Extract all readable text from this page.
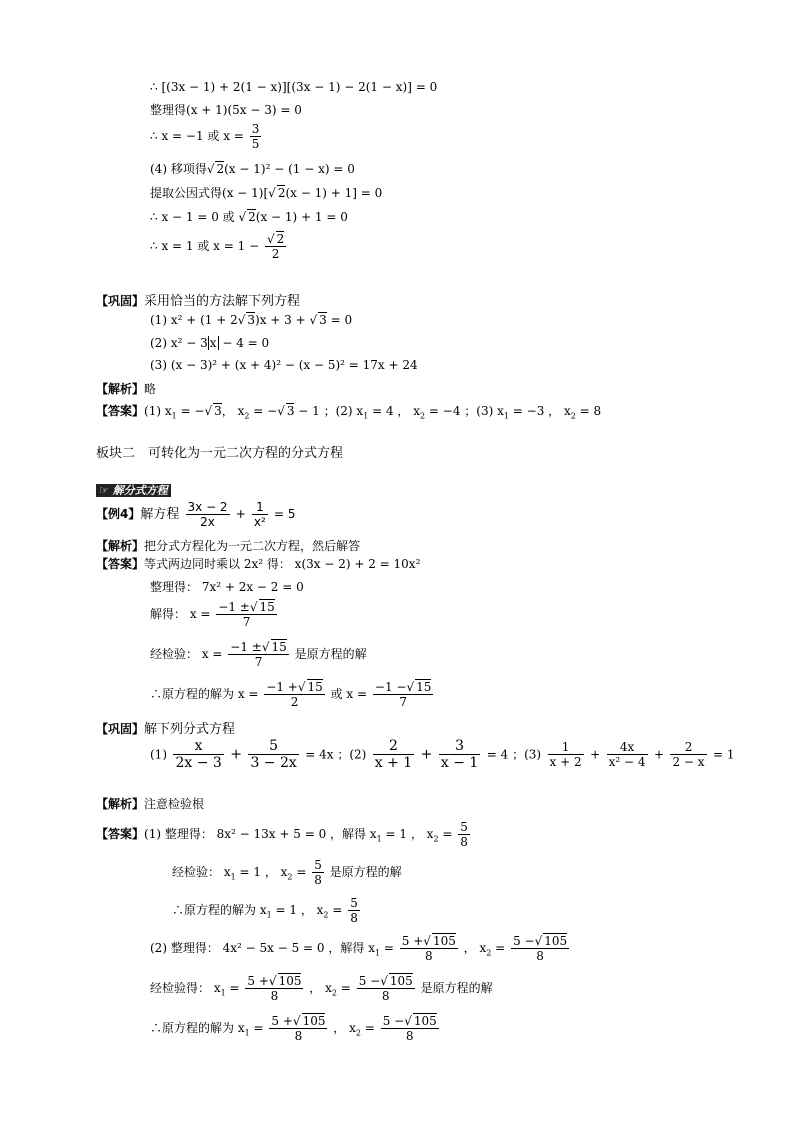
∴ [(3x − 1) + 2(1 − x)][(3x − 1) − 2(1 − x)] = 0
整理得(x + 1)(5x − 3) = 0
∴ x = −1 或 $x = \frac{3}{5}$
(4) 移项得√ 2(x − 1)² − (1 − x) = 0
提取公因式得(x − 1)[√ 2(x − 1) + 1] = 0
∴ x − 1 = 0 或 √ 2(x − 1) + 1 = 0
∴ x = 1 或 $x = 1 - \frac{√ 2}{2}$
【巩固】采用恰当的方法解下列方程
(1) x² + (1 + 2√ 3)x + 3 + √ 3 = 0
(2) x² − 3 x − 4 = 0
(3) (x − 3)² + (x + 4)² − (x − 5)² = 17x + 24
【解析】略
【答案】(1) $x_1$ = −√ 3， $x_2$ = −√ 3 − 1 ；(2) $x_1 = 4$ ， $x_2 = -4$ ；(3) $x_1 = -3$ ， $x_2 = 8$
板块二　可转化为一元二次方程的分式方程
☞ 解分式方程
【例4】解方程 $\frac{3x - 2}{2x} + \frac{1}{\text{x²}} = 5$
【解析】把分式方程化为一元二次方程，然后解答
【答案】等式两边同时乘以 2x² 得： x(3x − 2) + 2 = 10x²
整理得： 7x² + 2x − 2 = 0
解得： $x = \frac{-1 \pm√ 15}{7}$
经检验： $x = \frac{-1 \pm√ 15}{7}$ 是原方程的解
∴原方程的解为 $x = \frac{-1 +√ 15}{2}$ 或 $x = \frac{-1 -√ 15}{7}$
【巩固】解下列分式方程
$(1) \frac{x}{2x - 3} + \frac{5}{3 - 2x} = 4x$ ；$(2) \frac{2}{x + 1} + \frac{3}{x - 1} = 4$ ；$(3) \frac{1}{x + 2} + \frac{4x}{\text{x² − 4}} + \frac{2}{2 - x} = 1$
【解析】注意检验根
【答案】(1) 整理得： 8x² − 13x + 5 = 0 ，解得 $x_1 = 1$ ， $x_2 = \frac{5}{8}$
经检验： $x_1 = 1$ ， $x_2 = \frac{5}{8}$ 是原方程的解
∴原方程的解为 $x_1 = 1$ ， $x_2 = \frac{5}{8}$
(2) 整理得： 4x² − 5x − 5 = 0 ，解得 $x_1 = \frac{5 +√ 105}{8}$ ， $x_2 = \frac{5 -√ 105}{8}$
经检验得： $x_1 = \frac{5 +√ 105}{8}$ ， $x_2 = \frac{5 -√ 105}{8}$ 是原方程的解
∴原方程的解为 $x_1 = \frac{5 +√ 105}{8}$ ， $x_2 = \frac{5 -√ 105}{8}$
